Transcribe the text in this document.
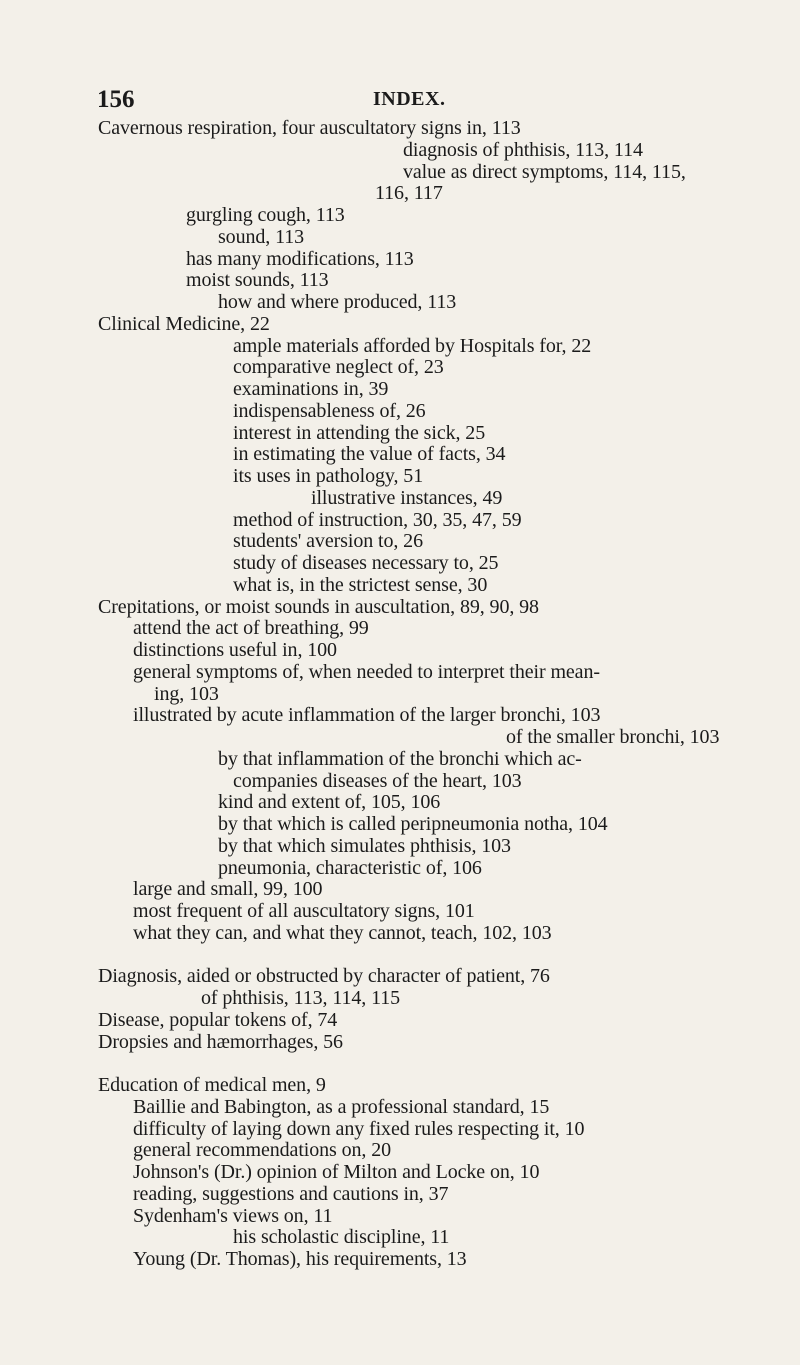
156	INDEX.
Cavernous respiration, four auscultatory signs in, 113
diagnosis of phthisis, 113, 114
value as direct symptoms, 114, 115,
116, 117
gurgling cough, 113
sound, 113
has many modifications, 113
moist sounds, 113
how and where produced, 113
Clinical Medicine, 22
ample materials afforded by Hospitals for, 22
comparative neglect of, 23
examinations in, 39
indispensableness of, 26
interest in attending the sick, 25
in estimating the value of facts, 34
its uses in pathology, 51
illustrative instances, 49
method of instruction, 30, 35, 47, 59
students' aversion to, 26
study of diseases necessary to, 25
what is, in the strictest sense, 30
Crepitations, or moist sounds in auscultation, 89, 90, 98
attend the act of breathing, 99
distinctions useful in, 100
general symptoms of, when needed to interpret their mean-
ing, 103
illustrated by acute inflammation of the larger bronchi, 103
of the smaller bronchi, 103
by that inflammation of the bronchi which ac-
companies diseases of the heart, 103
kind and extent of, 105, 106
by that which is called peripneumonia notha, 104
by that which simulates phthisis, 103
pneumonia, characteristic of, 106
large and small, 99, 100
most frequent of all auscultatory signs, 101
what they can, and what they cannot, teach, 102, 103
Diagnosis, aided or obstructed by character of patient, 76
of phthisis, 113, 114, 115
Disease, popular tokens of, 74
Dropsies and hæmorrhages, 56
Education of medical men, 9
Baillie and Babington, as a professional standard, 15
difficulty of laying down any fixed rules respecting it, 10
general recommendations on, 20
Johnson's (Dr.) opinion of Milton and Locke on, 10
reading, suggestions and cautions in, 37
Sydenham's views on, 11
his scholastic discipline, 11
Young (Dr. Thomas), his requirements, 13
